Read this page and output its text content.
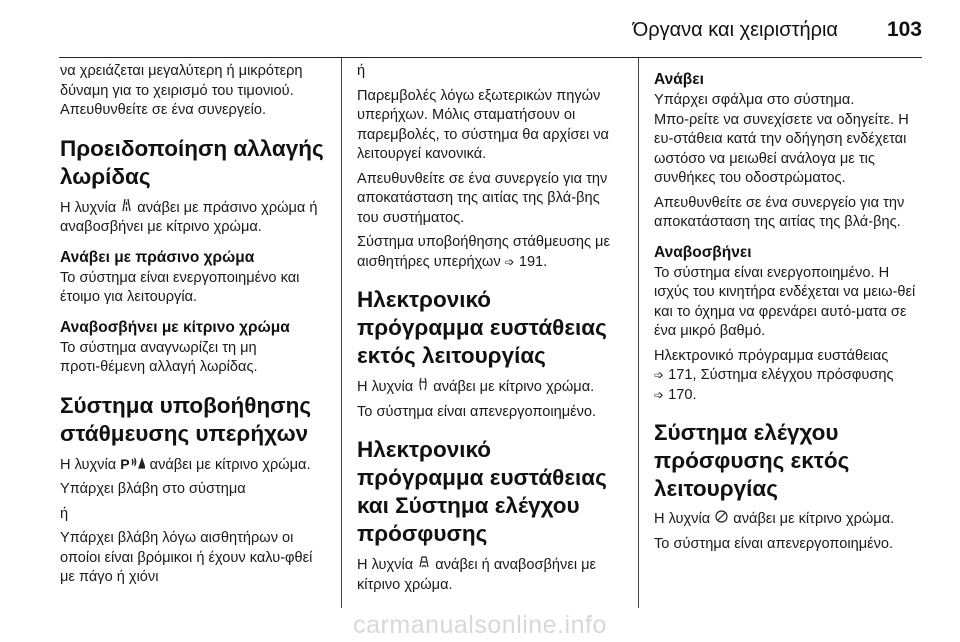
Όργανα και χειριστήρια 103

να χρειάζεται μεγαλύτερη ή μικρότερη δύναμη για το χειρισμό του τιμονιού. Απευθυνθείτε σε ένα συνεργείο.

Προειδοποίηση αλλαγής λωρίδας

Η λυχνία ανάβει με πράσινο χρώμα ή αναβοσβήνει με κίτρινο χρώμα.

Ανάβει με πράσινο χρώμα

Το σύστημα είναι ενεργοποιημένο και έτοιμο για λειτουργία.

Αναβοσβήνει με κίτρινο χρώμα

Το σύστημα αναγνωρίζει τη μη προτι‑θέμενη αλλαγή λωρίδας.

Σύστημα υποβοήθησης στάθμευσης υπερήχων

Η λυχνία P ανάβει με κίτρινο χρώμα.

Υπάρχει βλάβη στο σύστημα

ή

Υπάρχει βλάβη λόγω αισθητήρων οι οποίοι είναι βρόμικοι ή έχουν καλυ‑φθεί με πάγο ή χιόνι

ή

Παρεμβολές λόγω εξωτερικών πηγών υπερήχων. Μόλις σταματήσουν οι παρεμβολές, το σύστημα θα αρχίσει να λειτουργεί κανονικά.

Απευθυνθείτε σε ένα συνεργείο για την αποκατάσταση της αιτίας της βλά‑βης του συστήματος.

Σύστημα υποβοήθησης στάθμευσης με αισθητήρες υπερήχων ➩ 191.

Ηλεκτρονικό πρόγραμμα ευστάθειας εκτός λειτουργίας

Η λυχνία ανάβει με κίτρινο χρώμα.

Το σύστημα είναι απενεργοποιημένο.

Ηλεκτρονικό πρόγραμμα ευστάθειας και Σύστημα ελέγχου πρόσφυσης

Η λυχνία ανάβει ή αναβοσβήνει με κίτρινο χρώμα.

Ανάβει

Υπάρχει σφάλμα στο σύστημα. Μπο‑ρείτε να συνεχίσετε να οδηγείτε. Η ευ‑στάθεια κατά την οδήγηση ενδέχεται ωστόσο να μειωθεί ανάλογα με τις συνθήκες του οδοστρώματος.

Απευθυνθείτε σε ένα συνεργείο για την αποκατάσταση της αιτίας της βλά‑βης.

Αναβοσβήνει

Το σύστημα είναι ενεργοποιημένο. Η ισχύς του κινητήρα ενδέχεται να μειω‑θεί και το όχημα να φρενάρει αυτό‑ματα σε ένα μικρό βαθμό.

Ηλεκτρονικό πρόγραμμα ευστάθειας
➩ 171, Σύστημα ελέγχου πρόσφυσης
➩ 170.

Σύστημα ελέγχου πρόσφυσης εκτός λειτουργίας

Η λυχνία ανάβει με κίτρινο χρώμα.

Το σύστημα είναι απενεργοποιημένο.

carmanualsonline.info
